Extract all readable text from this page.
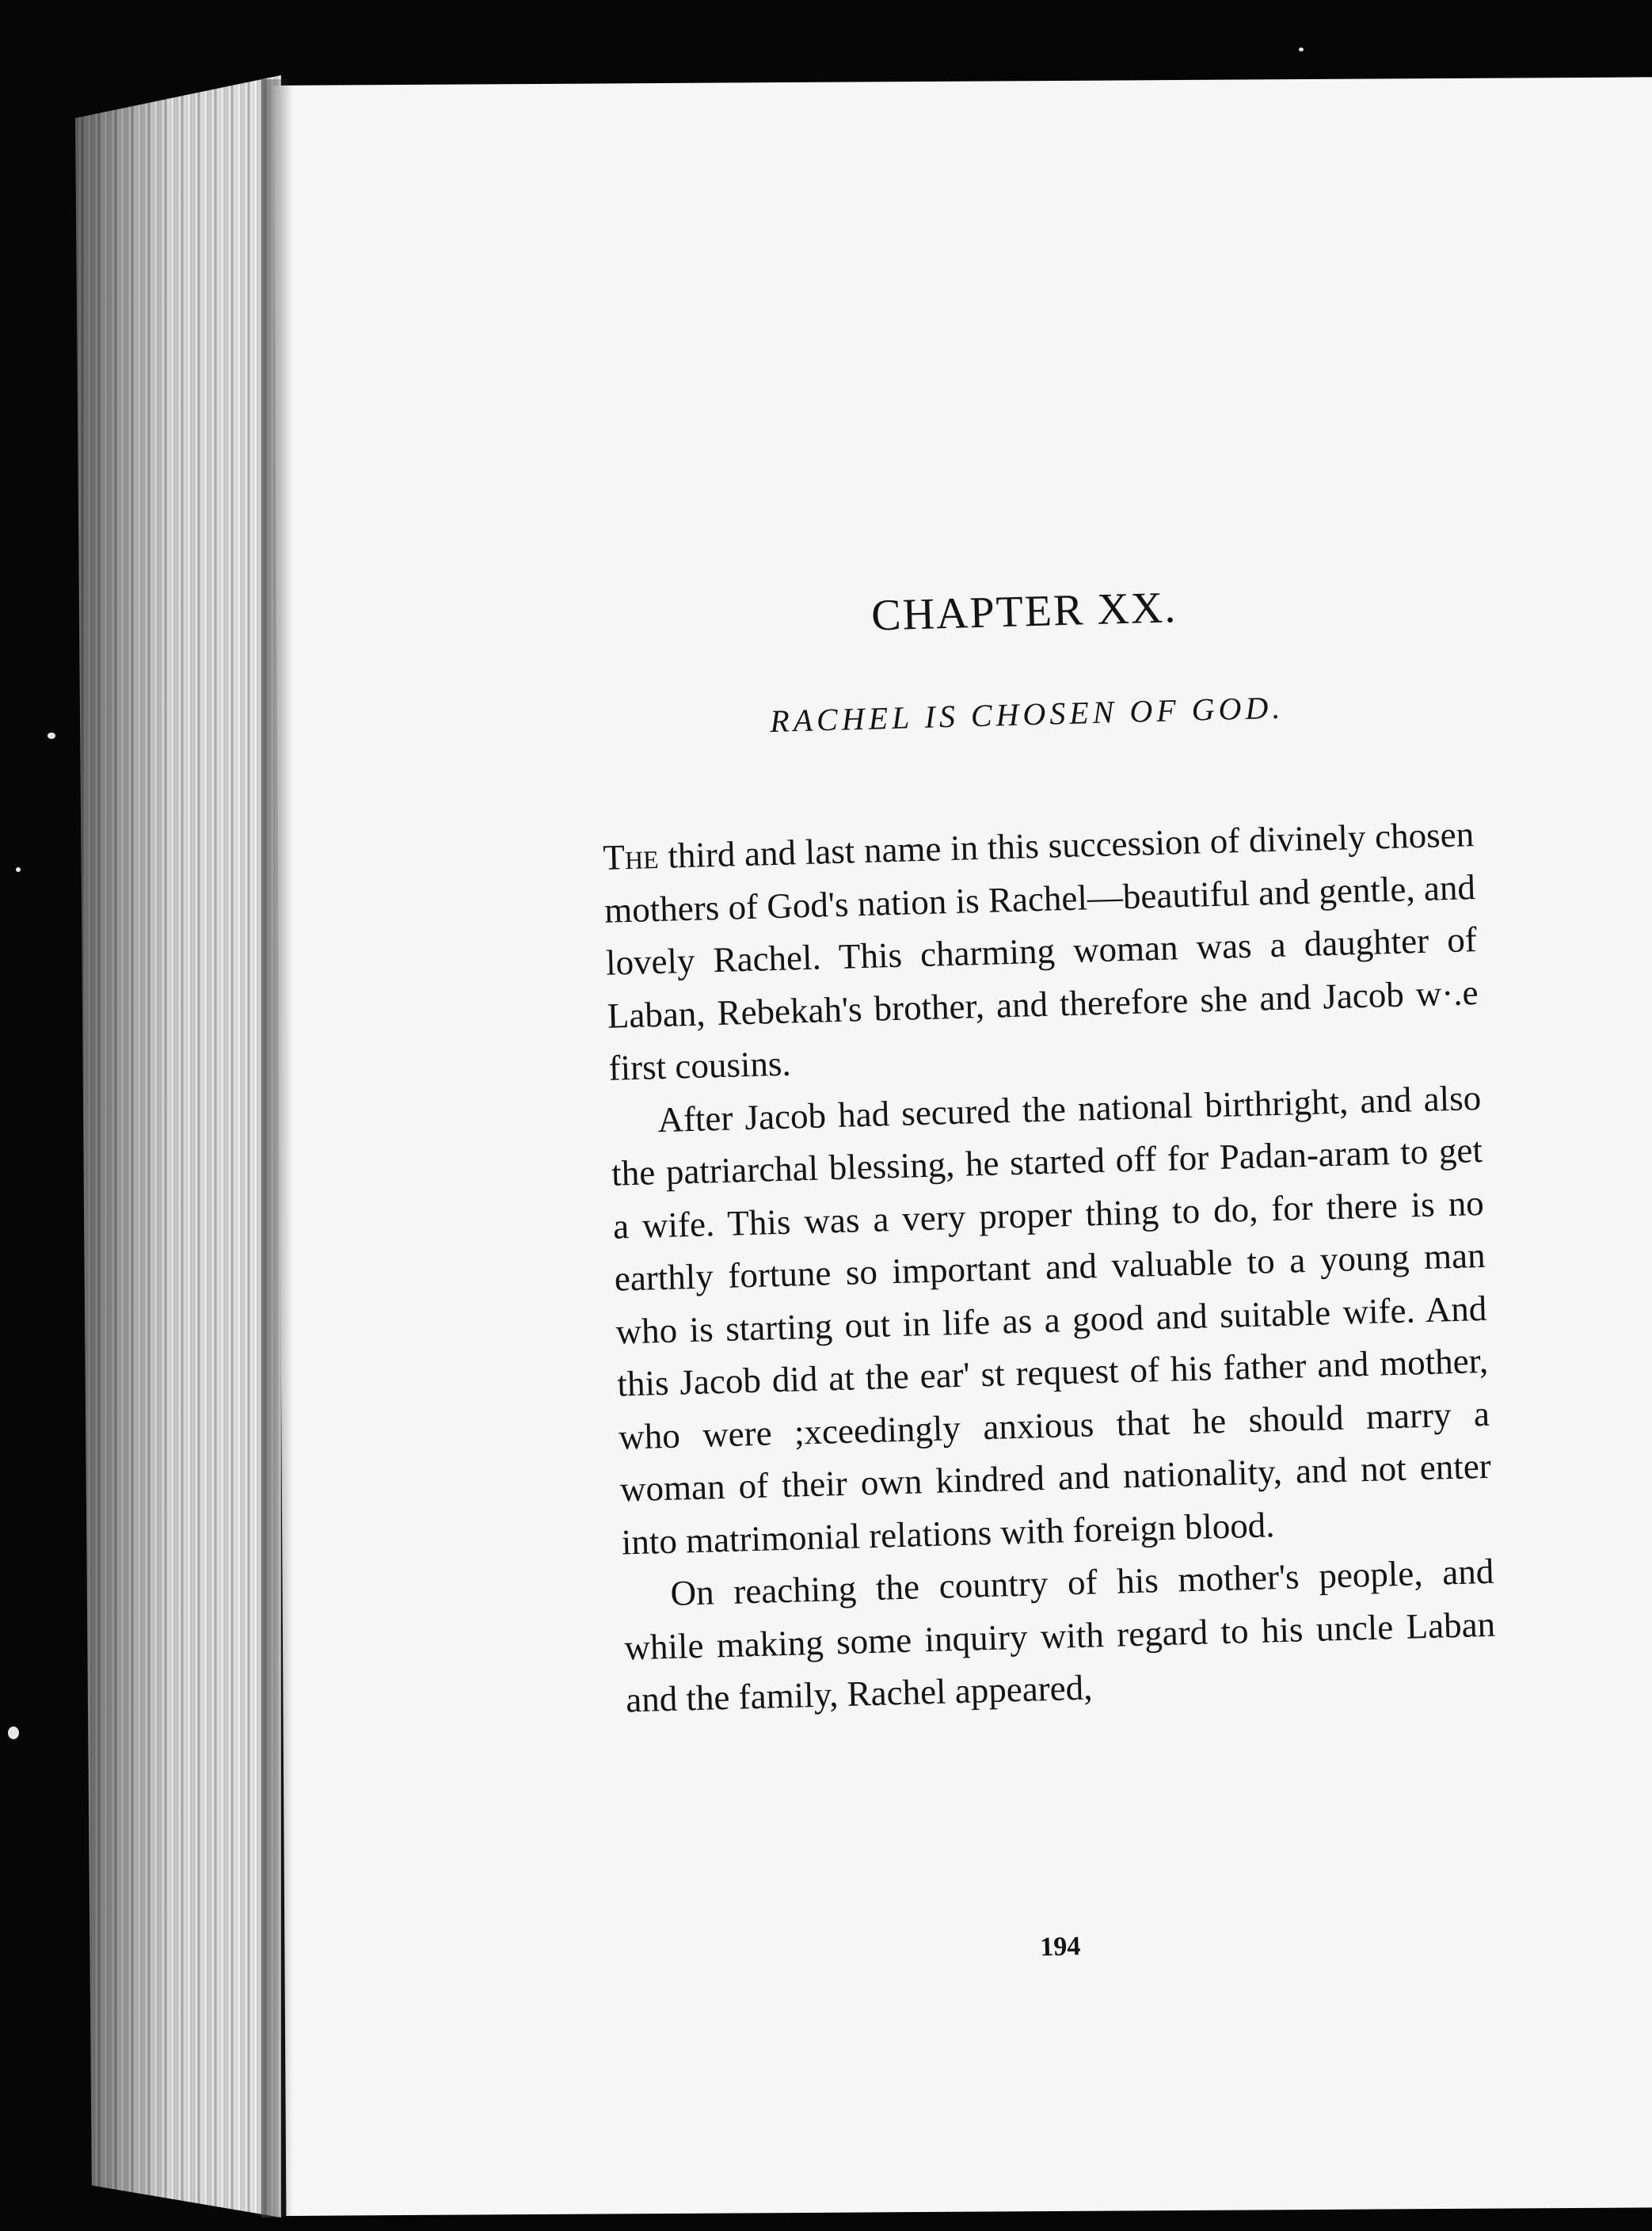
CHAPTER XX.
RACHEL IS CHOSEN OF GOD.

The third and last name in this succession of divinely chosen mothers of God's nation is Rachel—beautiful and gentle, and lovely Rachel. This charming woman was a daughter of Laban, Rebekah's brother, and therefore she and Jacob w·.e first cousins.

After Jacob had secured the national birthright, and also the patriarchal blessing, he started off for Padan-aram to get a wife. This was a very proper thing to do, for there is no earthly fortune so important and valuable to a young man who is starting out in life as a good and suitable wife. And this Jacob did at the ear' st request of his father and mother, who were ;xceedingly anxious that he should marry a woman of their own kindred and nationality, and not enter into matrimonial relations with foreign blood.

On reaching the country of his mother's people, and while making some inquiry with regard to his uncle Laban and the family, Rachel appeared,

194
